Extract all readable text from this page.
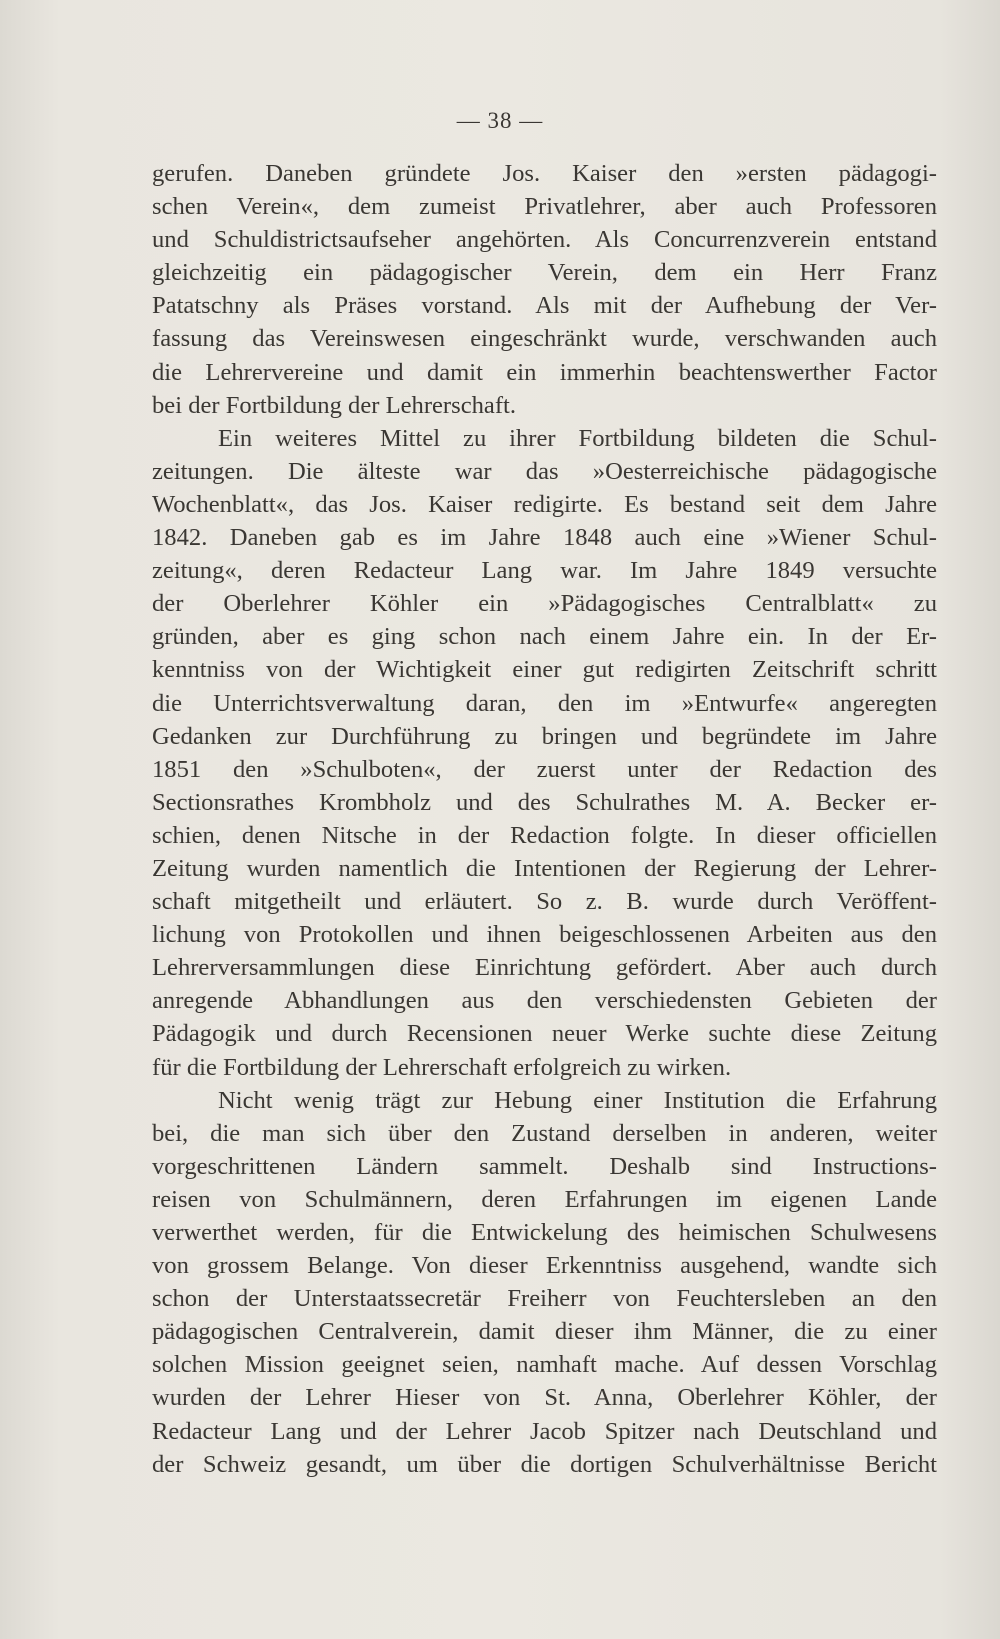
— 38 —
gerufen. Daneben gründete Jos. Kaiser den »ersten pädagogi-
schen Verein«, dem zumeist Privatlehrer, aber auch Professoren
und Schuldistrictsaufseher angehörten. Als Concurrenzverein entstand
gleichzeitig ein pädagogischer Verein, dem ein Herr Franz
Patatschny als Präses vorstand. Als mit der Aufhebung der Ver-
fassung das Vereinswesen eingeschränkt wurde, verschwanden auch
die Lehrervereine und damit ein immerhin beachtenswerther Factor
bei der Fortbildung der Lehrerschaft.
Ein weiteres Mittel zu ihrer Fortbildung bildeten die Schul-
zeitungen. Die älteste war das »Oesterreichische pädagogische
Wochenblatt«, das Jos. Kaiser redigirte. Es bestand seit dem Jahre
1842. Daneben gab es im Jahre 1848 auch eine »Wiener Schul-
zeitung«, deren Redacteur Lang war. Im Jahre 1849 versuchte
der Oberlehrer Köhler ein »Pädagogisches Centralblatt« zu
gründen, aber es ging schon nach einem Jahre ein. In der Er-
kenntniss von der Wichtigkeit einer gut redigirten Zeitschrift schritt
die Unterrichtsverwaltung daran, den im »Entwurfe« angeregten
Gedanken zur Durchführung zu bringen und begründete im Jahre
1851 den »Schulboten«, der zuerst unter der Redaction des
Sectionsrathes Krombholz und des Schulrathes M. A. Becker er-
schien, denen Nitsche in der Redaction folgte. In dieser officiellen
Zeitung wurden namentlich die Intentionen der Regierung der Lehrer-
schaft mitgetheilt und erläutert. So z. B. wurde durch Veröffent-
lichung von Protokollen und ihnen beigeschlossenen Arbeiten aus den
Lehrerversammlungen diese Einrichtung gefördert. Aber auch durch
anregende Abhandlungen aus den verschiedensten Gebieten der
Pädagogik und durch Recensionen neuer Werke suchte diese Zeitung
für die Fortbildung der Lehrerschaft erfolgreich zu wirken.
Nicht wenig trägt zur Hebung einer Institution die Erfahrung
bei, die man sich über den Zustand derselben in anderen, weiter
vorgeschrittenen Ländern sammelt. Deshalb sind Instructions-
reisen von Schulmännern, deren Erfahrungen im eigenen Lande
verwerthet werden, für die Entwickelung des heimischen Schulwesens
von grossem Belange. Von dieser Erkenntniss ausgehend, wandte sich
schon der Unterstaatssecretär Freiherr von Feuchtersleben an den
pädagogischen Centralverein, damit dieser ihm Männer, die zu einer
solchen Mission geeignet seien, namhaft mache. Auf dessen Vorschlag
wurden der Lehrer Hieser von St. Anna, Oberlehrer Köhler, der
Redacteur Lang und der Lehrer Jacob Spitzer nach Deutschland und
der Schweiz gesandt, um über die dortigen Schulverhältnisse Bericht
